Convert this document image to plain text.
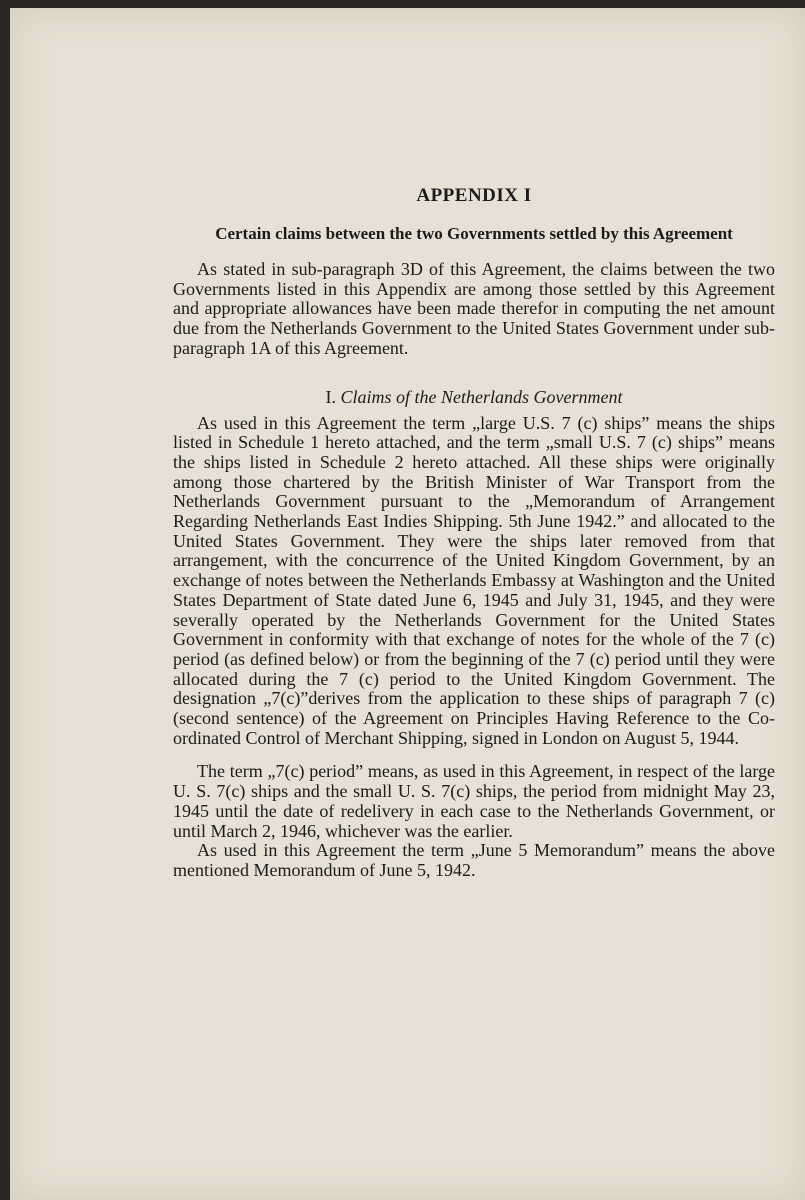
APPENDIX I
Certain claims between the two Governments settled by this Agreement

As stated in sub-paragraph 3D of this Agreement, the claims between the two Governments listed in this Appendix are among those settled by this Agreement and appropriate allowances have been made therefor in computing the net amount due from the Netherlands Government to the United States Government under sub-paragraph 1A of this Agreement.

I. Claims of the Netherlands Government

As used in this Agreement the term „large U.S. 7 (c) ships” means the ships listed in Schedule 1 hereto attached, and the term „small U.S. 7 (c) ships” means the ships listed in Schedule 2 hereto attached. All these ships were originally among those chartered by the British Minister of War Transport from the Netherlands Government pursuant to the „Memorandum of Arrangement Regarding Netherlands East Indies Shipping. 5th June 1942.” and allocated to the United States Government. They were the ships later removed from that arrangement, with the concurrence of the United Kingdom Government, by an exchange of notes between the Netherlands Embassy at Washington and the United States Department of State dated June 6, 1945 and July 31, 1945, and they were severally operated by the Netherlands Government for the United States Government in conformity with that exchange of notes for the whole of the 7 (c) period (as defined below) or from the beginning of the 7 (c) period until they were allocated during the 7 (c) period to the United Kingdom Government. The designation „7(c)”derives from the application to these ships of paragraph 7 (c) (second sentence) of the Agreement on Principles Having Reference to the Co-ordinated Control of Merchant Shipping, signed in London on August 5, 1944.

The term „7(c) period” means, as used in this Agreement, in respect of the large U. S. 7(c) ships and the small U. S. 7(c) ships, the period from midnight May 23, 1945 until the date of redelivery in each case to the Netherlands Government, or until March 2, 1946, whichever was the earlier.

As used in this Agreement the term „June 5 Memorandum” means the above mentioned Memorandum of June 5, 1942.
